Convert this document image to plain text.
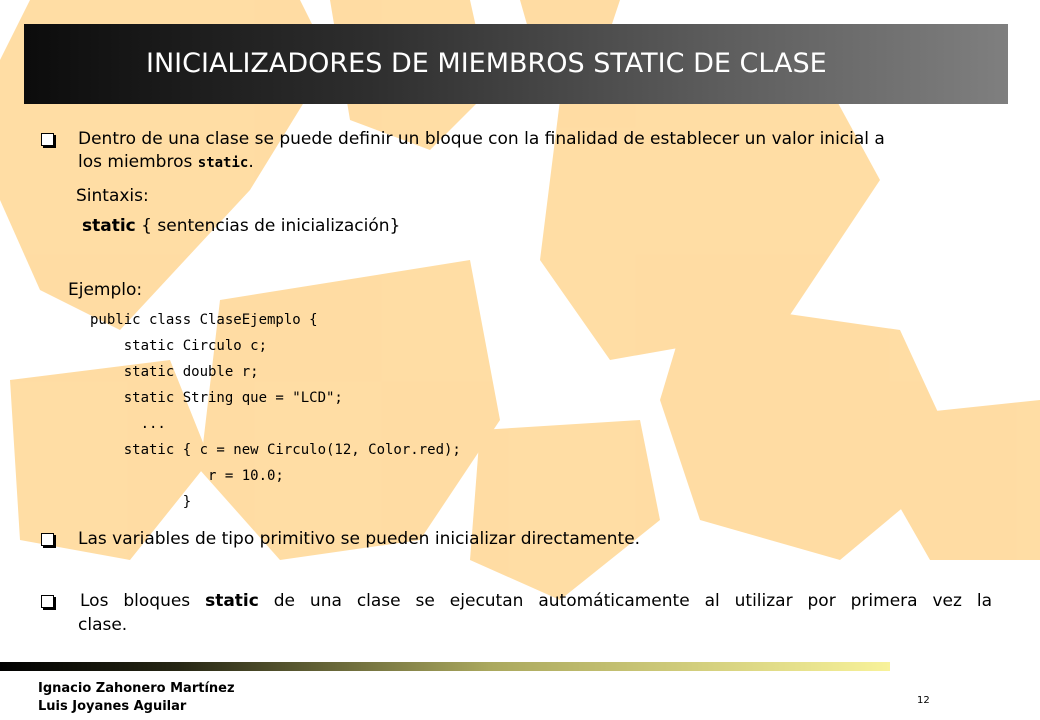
INICIALIZADORES DE MIEMBROS STATIC DE CLASE
Dentro de una clase se puede definir un bloque con la finalidad de establecer un valor inicial a
los miembros static.
Sintaxis:
static { sentencias de inicialización}
Ejemplo:
public class ClaseEjemplo {
static Circulo c;
static double r;
static String que = "LCD";
...
static { c = new Circulo(12, Color.red);
r = 10.0;
}
Las variables de tipo primitivo se pueden inicializar directamente.
Los bloques static de una clase se ejecutan automáticamente al utilizar por primera vez la
clase.
Ignacio Zahonero Martínez
Luis Joyanes Aguilar	12
